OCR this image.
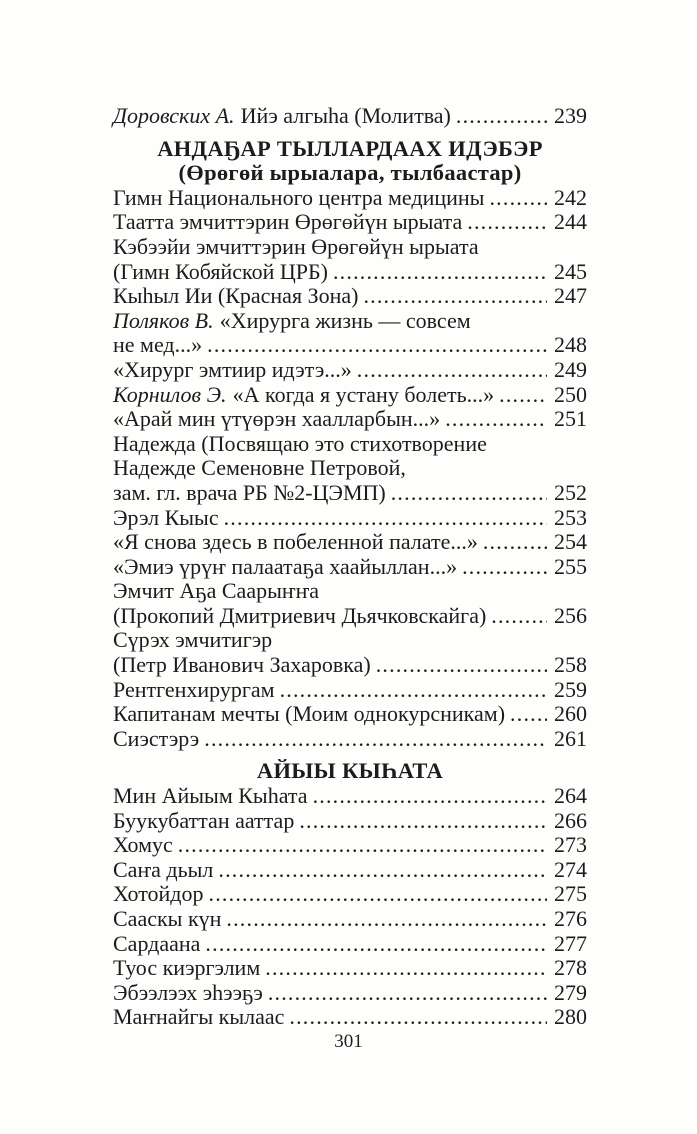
Доровских А. Ийэ алгыһа (Молитва) .....	239
АНДАҔАР ТЫЛЛАРДААХ ИДЭБЭР
(Өрөгөй ырыалара, тылбаастар)
Гимн Национального центра медицины .....	242
Таатта эмчиттэрин Өрөгөйүн ырыата .....	244
Кэбээйи эмчиттэрин Өрөгөйүн ырыата
(Гимн Кобяйской ЦРБ) .....	245
Кыһыл Ии (Красная Зона) .....	247
Поляков В. «Хирурга жизнь — совсем
не мед...» .....	248
«Хирург эмтиир идэтэ...» .....	249
Корнилов Э. «А когда я устану болеть...» .....	250
«Арай мин үтүөрэн хаалларбын...» .....	251
Надежда (Посвящаю это стихотворение
Надежде Семеновне Петровой,
зам. гл. врача РБ №2-ЦЭМП) .....	252
Эрэл Кыыс .....	253
«Я снова здесь в побеленной палате...» .....	254
«Эмиэ үрүҥ палаатаҕа хаайыллан...» .....	255
Эмчит Аҕа Саарыҥҥа
(Прокопий Дмитриевич Дьячковскайга) .....	256
Сүрэх эмчитигэр
(Петр Иванович Захаровка) .....	258
Рентгенхирургам .....	259
Капитанам мечты (Моим однокурсникам) ..... 260
Сиэстэрэ .....	261
АЙЫЫ КЫҺАТА
Мин Айыым Кыһата .....	264
Буукубаттан ааттар .....	266
Хомус .....	273
Саҥа дьыл .....	274
Хотойдор .....	275
Сааскы күн .....	276
Сардаана .....	277
Туос киэргэлим .....	278
Эбээлээх эһээҕэ .....	279
Маҥнайгы кылаас .....	280
301
